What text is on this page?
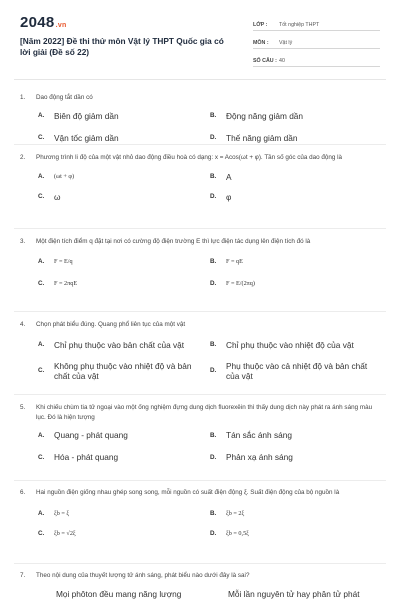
2048.vn
[Năm 2022] Đề thi thử môn Vật lý THPT Quốc gia có lời giải (Đề số 22)
LỚP :	Tốt nghiệp THPT
MÔN :	Vật lý
SỐ CÂU : 40
1. Dao động tắt dần có
A.	Biên độ giảm dần	B.	Động năng giảm dần
C.	Vận tốc giảm dần	D.	Thế năng giảm dần
2. Phương trình li độ của một vật nhỏ dao động điều hoà có dạng: x = Acos(ωt + φ). Tần số góc của dao động là
A.	(ωt + φ)	B.	A
C.	ω	D.	φ
3. Một điện tích điểm q đặt tại nơi có cường độ điện trường E thì lực điện tác dụng lên điện tích đó là
A.	F = E/q	B.	F = qE
C.	F = 2πqE	D.	F = E/(2πq)
4. Chọn phát biểu đúng. Quang phổ liên tục của một vật
A.	Chỉ phụ thuộc vào bản chất của vật	B.	Chỉ phụ thuộc vào nhiệt độ của vật
C.	Không phụ thuộc vào nhiệt độ và bản chất của vật
D.	Phụ thuộc vào cả nhiệt độ và bản chất của vật
5. Khi chiếu chùm tia tử ngoại vào một ống nghiệm đựng dung dịch fluorexêin thì thấy dung dịch này phát ra ánh sáng màu lục. Đó là hiện tượng
A.	Quang - phát quang	B.	Tán sắc ánh sáng
C.	Hóa - phát quang	D.	Phản xạ ánh sáng
6. Hai nguồn điện giống nhau ghép song song, mỗi nguồn có suất điện động ξ. Suất điện động của bộ nguồn là
A.	ξb = ξ	B.	ξb = 2ξ
C.	ξb = √2ξ	D.	ξb = 0,5ξ
7. Theo nội dung của thuyết lượng tử ánh sáng, phát biểu nào dưới đây là sai?
Mọi phôton đều mang năng lượng	Mỗi lần nguyên tử hay phân tử phát
